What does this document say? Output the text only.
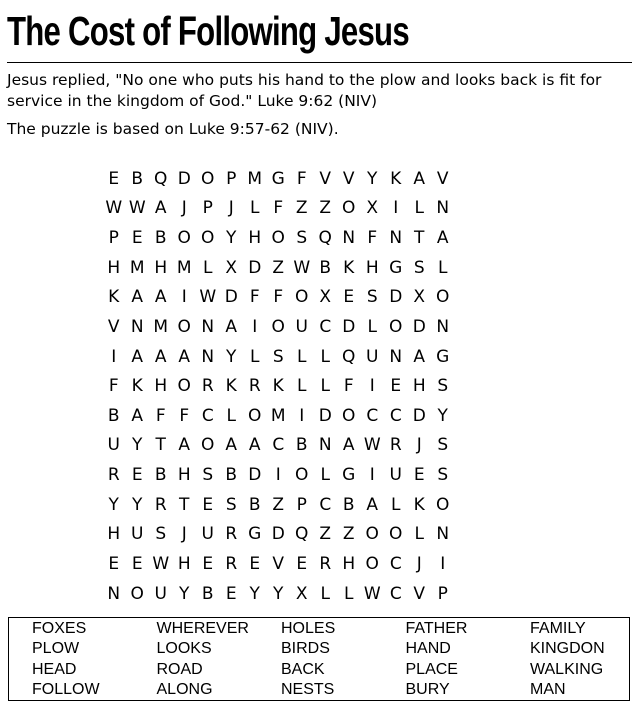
The Cost of Following Jesus
Jesus replied, "No one who puts his hand to the plow and looks back is fit for service in the kingdom of God." Luke 9:62 (NIV)
The puzzle is based on Luke 9:57-62 (NIV).
E B Q D O P M G F V V Y K A V
W W A J P J L F Z Z O X I L N
P E B O O Y H O S Q N F N T A
H M H M L X D Z W B K H G S L
K A A I W D F F O X E S D X O
V N M O N A I O U C D L O D N
I A A A N Y L S L L Q U N A G
F K H O R K R K L L F I E H S
B A F F C L O M I D O C C D Y
U Y T A O A A C B N A W R J S
R E B H S B D I O L G I U E S
Y Y R T E S B Z P C B A L K O
H U S J U R G D Q Z Z O O L N
E E W H E R E V E R H O C J	I
N O U Y B E Y Y X L L W C V P
FOXES	WHEREVER	HOLES	FATHER	FAMILY
PLOW	LOOKS	BIRDS	HAND	KINGDON
HEAD	ROAD	BACK	PLACE	WALKING
FOLLOW	ALONG	NESTS	BURY	MAN
